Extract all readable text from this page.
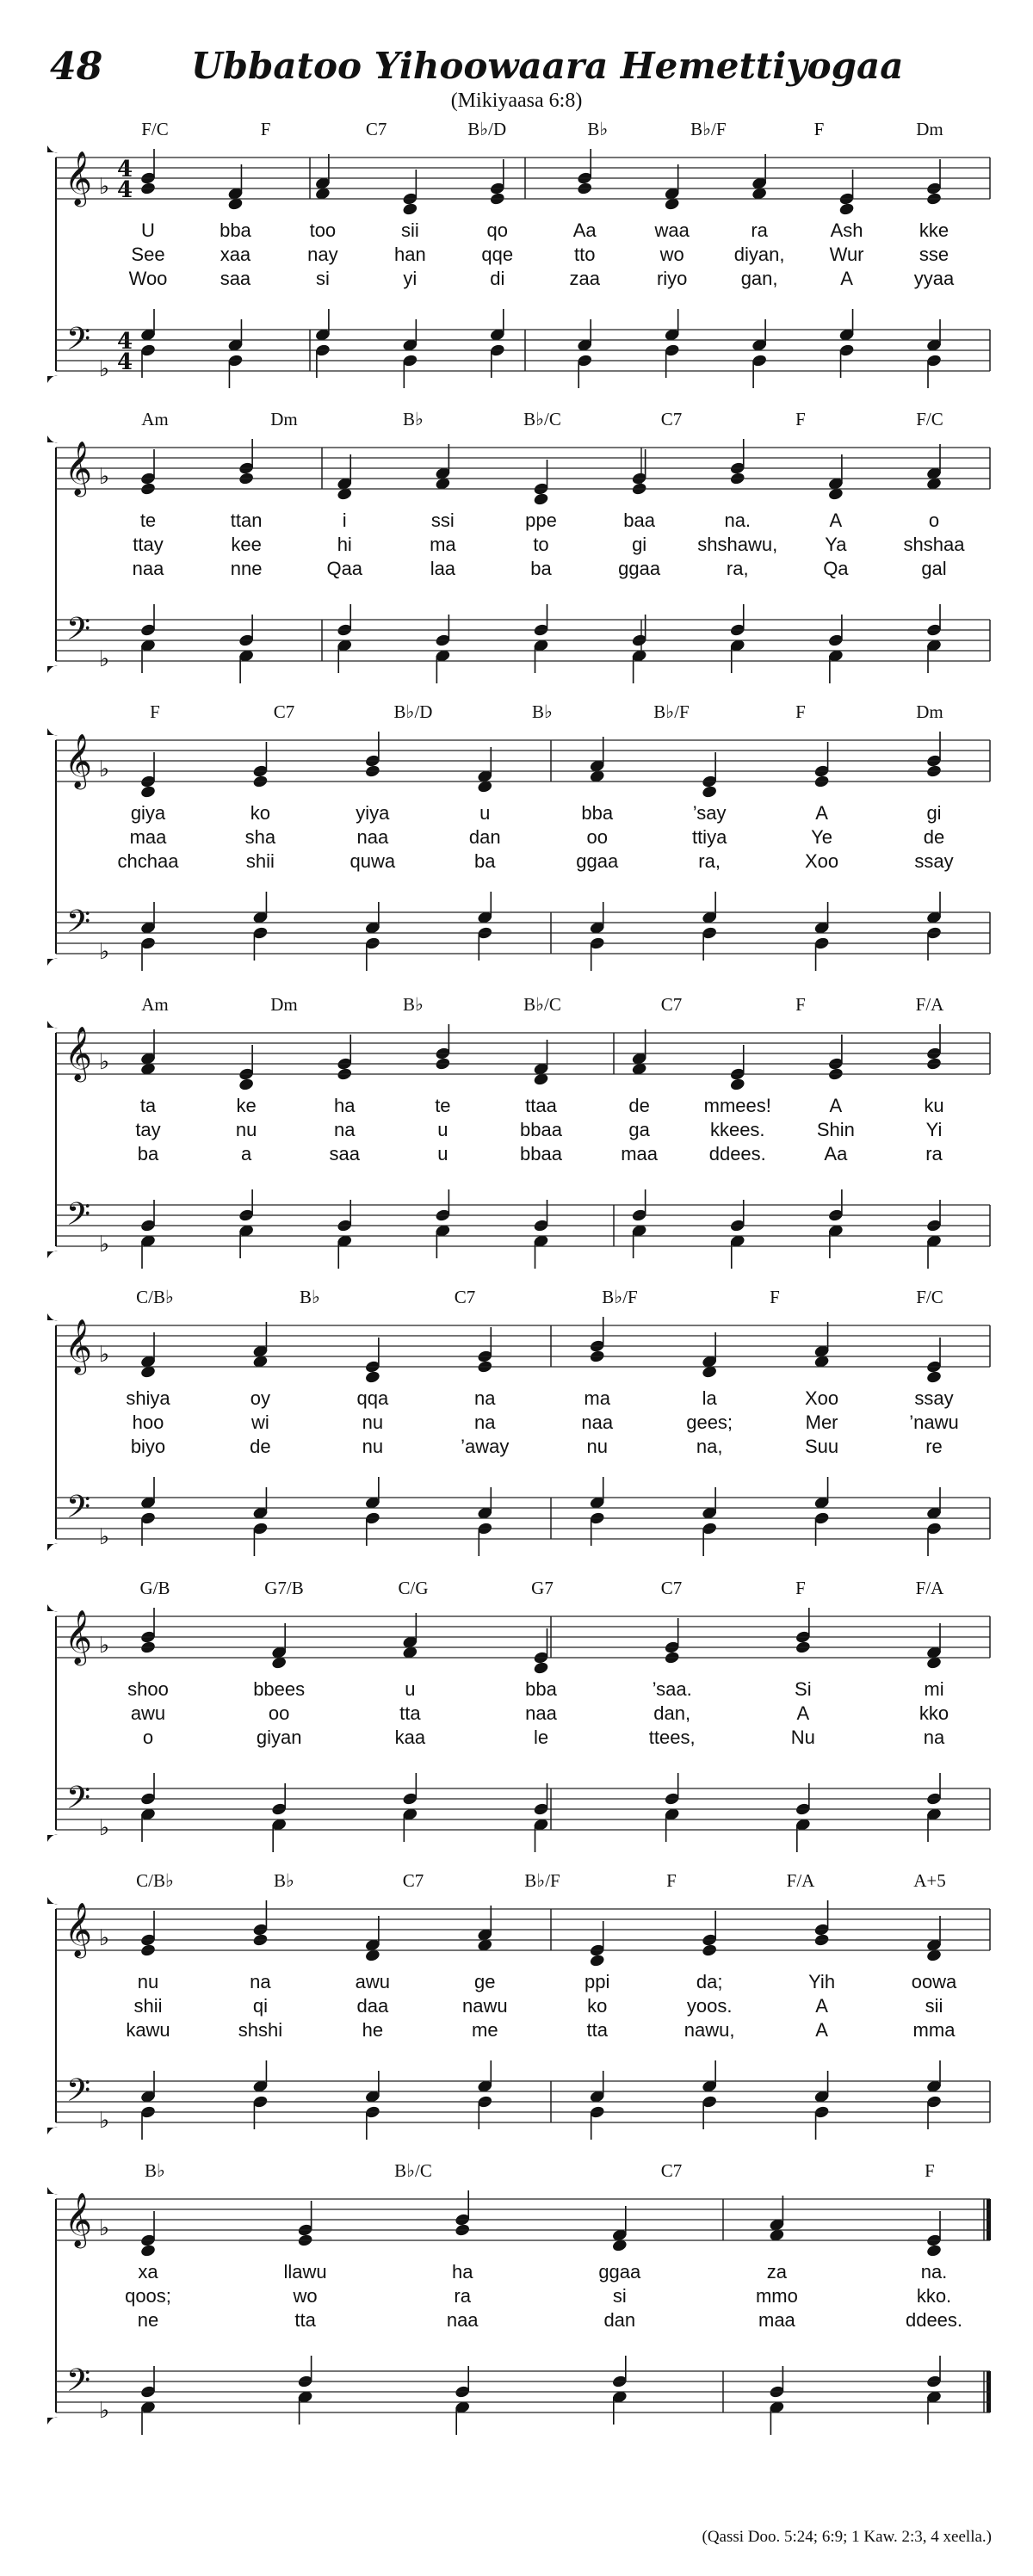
48 Ubbatoo Yihoowaara Hemettiyogaa
(Mikiyaasa 6:8)
𝄞
𝄢
♭
♭
4
4
4
4
F/C	F	C7	B♭/D	B♭	B♭/F	F	Dm
U	bba	too	sii	qo	Aa	waa	ra	Ash	kke
See	xaa	nay	han	qqe	tto	wo	diyan, Wur	sse
Woo	saa	si	yi	di	zaa	riyo	gan,	A	yyaa
𝄞
𝄢
♭
♭
Am	Dm	B♭	B♭/C	C7	F	F/C
te	ttan	i	ssi	ppe	baa	na.	A	o
ttay	kee	hi	ma	to	gi	shshawu,	Ya	shshaa
naa	nne	Qaa	laa	ba	ggaa	ra,	Qa	gal
𝄞
𝄢
♭
♭
F	C7	B♭/D	B♭	B♭/F	F	Dm
giya	ko	yiya	u	bba	’say	A	gi
maa	sha	naa	dan	oo	ttiya	Ye	de
chchaa	shii	quwa	ba	ggaa	ra,	Xoo	ssay
𝄞
𝄢
♭
♭
Am	Dm	B♭	B♭/C	C7	F	F/A
ta	ke	ha	te	ttaa	de	mmees!	A	ku
tay	nu	na	u	bbaa	ga	kkees.	Shin	Yi
ba	a	saa	u	bbaa	maa	ddees.	Aa	ra
𝄞
𝄢
♭
♭
C/B♭	B♭	C7	B♭/F	F	F/C
shiya	oy	qqa	na	ma	la	Xoo	ssay
hoo	wi	nu	na	naa	gees;	Mer	’nawu
biyo	de	nu	’away	nu	na,	Suu	re
𝄞
𝄢
♭
♭
G/B	G7/B	C/G	G7	C7	F	F/A
shoo	bbees	u	bba	’saa.	Si	mi
awu	oo	tta	naa	dan,	A	kko
o	giyan	kaa	le	ttees,	Nu	na
𝄞
𝄢
♭
♭
C/B♭	B♭	C7	B♭/F	F	F/A	A+5
nu	na	awu	ge	ppi	da;	Yih	oowa
shii	qi	daa	nawu	ko	yoos.	A	sii
kawu	shshi	he	me	tta	nawu,	A	mma
𝄞
𝄢
♭
♭
B♭	B♭/C	C7	F
xa	llawu	ha	ggaa	za	na.
qoos;	wo	ra	si	mmo	kko.
ne	tta	naa	dan	maa	ddees.
(Qassi Doo. 5:24; 6:9; 1 Kaw. 2:3, 4 xeella.)
